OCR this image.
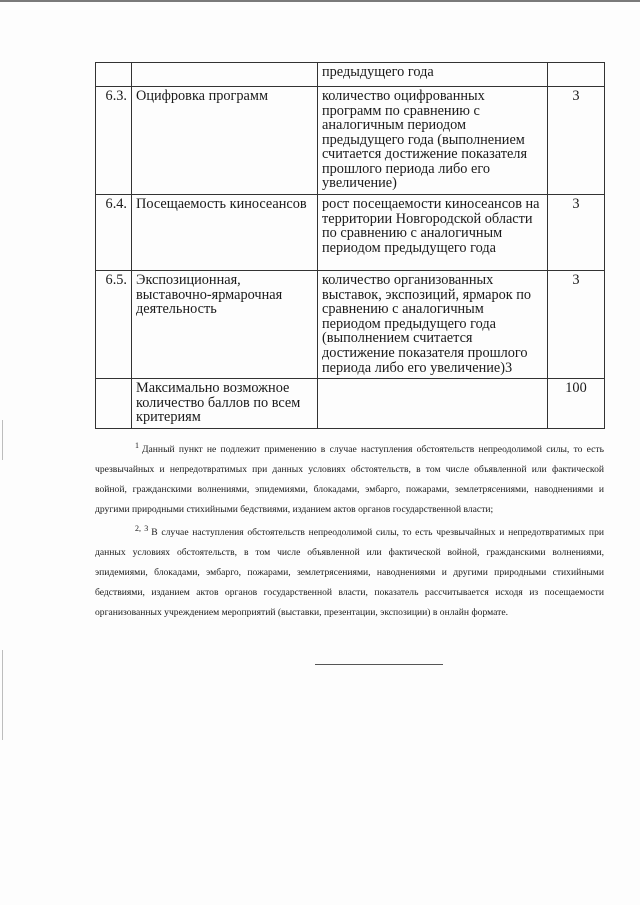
		предыдущего года	
6.3.	Оцифровка программ	количество оцифрованных программ по сравнению с аналогичным периодом предыдущего года (выполнением считается достижение показателя прошлого периода либо его увеличение)	3
6.4.	Посещаемость киносеансов	рост посещаемости киносеансов на территории Новгородской области по сравнению с аналогичным периодом предыдущего года	3
6.5.	Экспозиционная, выставочно-ярмарочная деятельность	количество организованных выставок, экспозиций, ярмарок по сравнению с аналогичным периодом предыдущего года (выполнением считается достижение показателя прошлого периода либо его увеличение)3	3
	Максимально возможное количество баллов по всем критериям		100

$^1$ Данный пункт не подлежит применению в случае наступления обстоятельств непреодолимой силы, то есть чрезвычайных и непредотвратимых при данных условиях обстоятельств, в том числе объявленной или фактической войной, гражданскими волнениями, эпидемиями, блокадами, эмбарго, пожарами, землетрясениями, наводнениями и другими природными стихийными бедствиями, изданием актов органов государственной власти;

$^{2, 3}$ В случае наступления обстоятельств непреодолимой силы, то есть чрезвычайных и непредотвратимых при данных условиях обстоятельств, в том числе объявленной или фактической войной, гражданскими волнениями, эпидемиями, блокадами, эмбарго, пожарами, землетрясениями, наводнениями и другими природными стихийными бедствиями, изданием актов органов государственной власти, показатель рассчитывается исходя из посещаемости организованных учреждением мероприятий (выставки, презентации, экспозиции) в онлайн формате.
